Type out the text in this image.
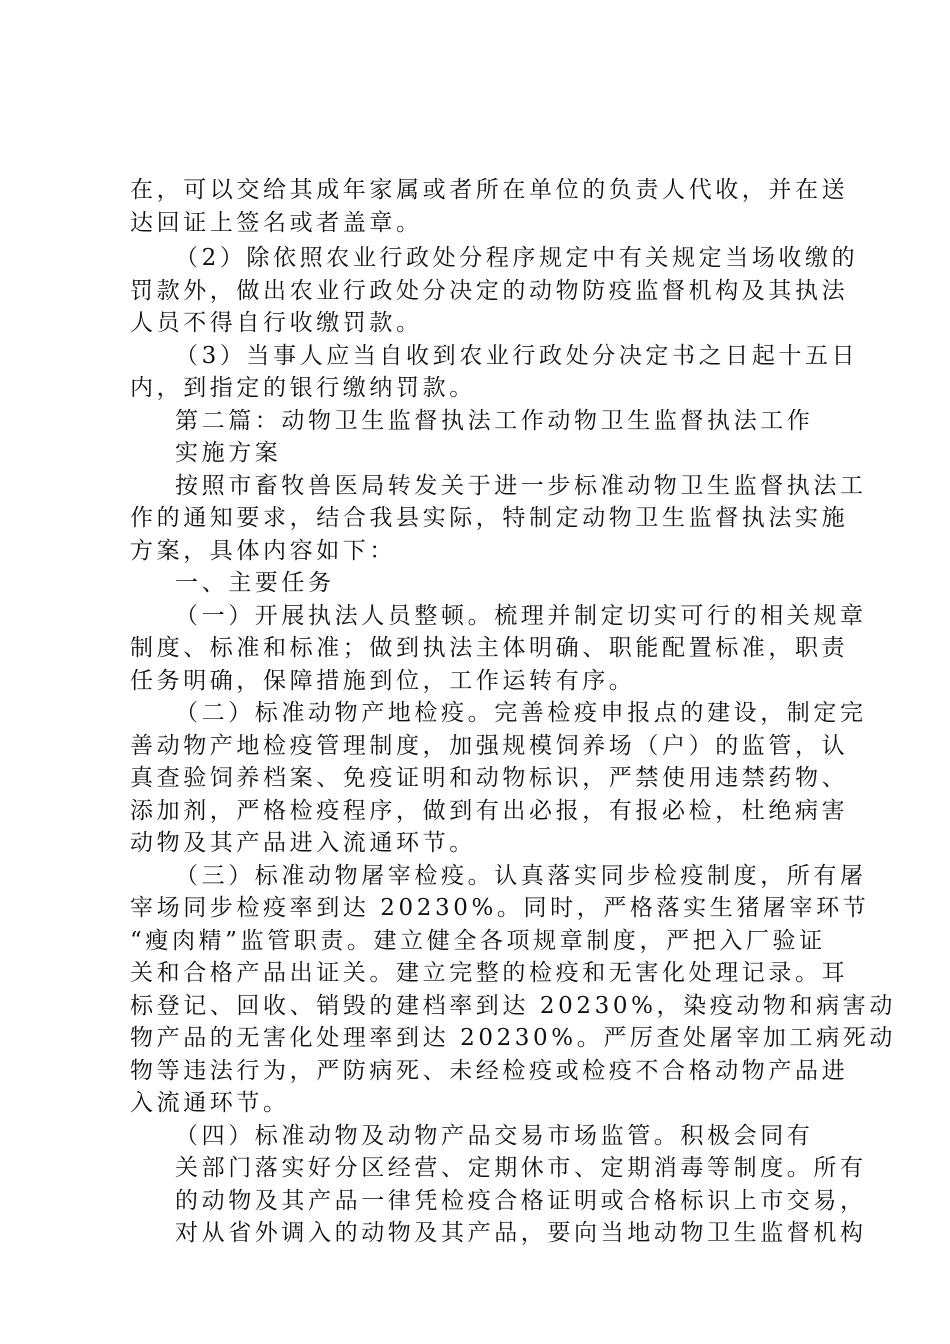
在，可以交给其成年家属或者所在单位的负责人代收，并在送
达回证上签名或者盖章。
（2）除依照农业行政处分程序规定中有关规定当场收缴的
罚款外，做出农业行政处分决定的动物防疫监督机构及其执法
人员不得自行收缴罚款。
（3）当事人应当自收到农业行政处分决定书之日起十五日
内，到指定的银行缴纳罚款。
第二篇：动物卫生监督执法工作动物卫生监督执法工作
实施方案
按照市畜牧兽医局转发关于进一步标准动物卫生监督执法工
作的通知要求，结合我县实际，特制定动物卫生监督执法实施
方案，具体内容如下：
一、主要任务
（一）开展执法人员整顿。梳理并制定切实可行的相关规章
制度、标准和标准；做到执法主体明确、职能配置标准，职责
任务明确，保障措施到位，工作运转有序。
（二）标准动物产地检疫。完善检疫申报点的建设，制定完
善动物产地检疫管理制度，加强规模饲养场（户）的监管，认
真查验饲养档案、免疫证明和动物标识，严禁使用违禁药物、
添加剂，严格检疫程序，做到有出必报，有报必检，杜绝病害
动物及其产品进入流通环节。
（三）标准动物屠宰检疫。认真落实同步检疫制度，所有屠
宰场同步检疫率到达 20230%。同时，严格落实生猪屠宰环节
“瘦肉精”监管职责。建立健全各项规章制度，严把入厂验证
关和合格产品出证关。建立完整的检疫和无害化处理记录。耳
标登记、回收、销毁的建档率到达 20230%，染疫动物和病害动
物产品的无害化处理率到达 20230%。严厉查处屠宰加工病死动
物等违法行为，严防病死、未经检疫或检疫不合格动物产品进
入流通环节。
（四）标准动物及动物产品交易市场监管。积极会同有
关部门落实好分区经营、定期休市、定期消毒等制度。所有
的动物及其产品一律凭检疫合格证明或合格标识上市交易，
对从省外调入的动物及其产品，要向当地动物卫生监督机构
